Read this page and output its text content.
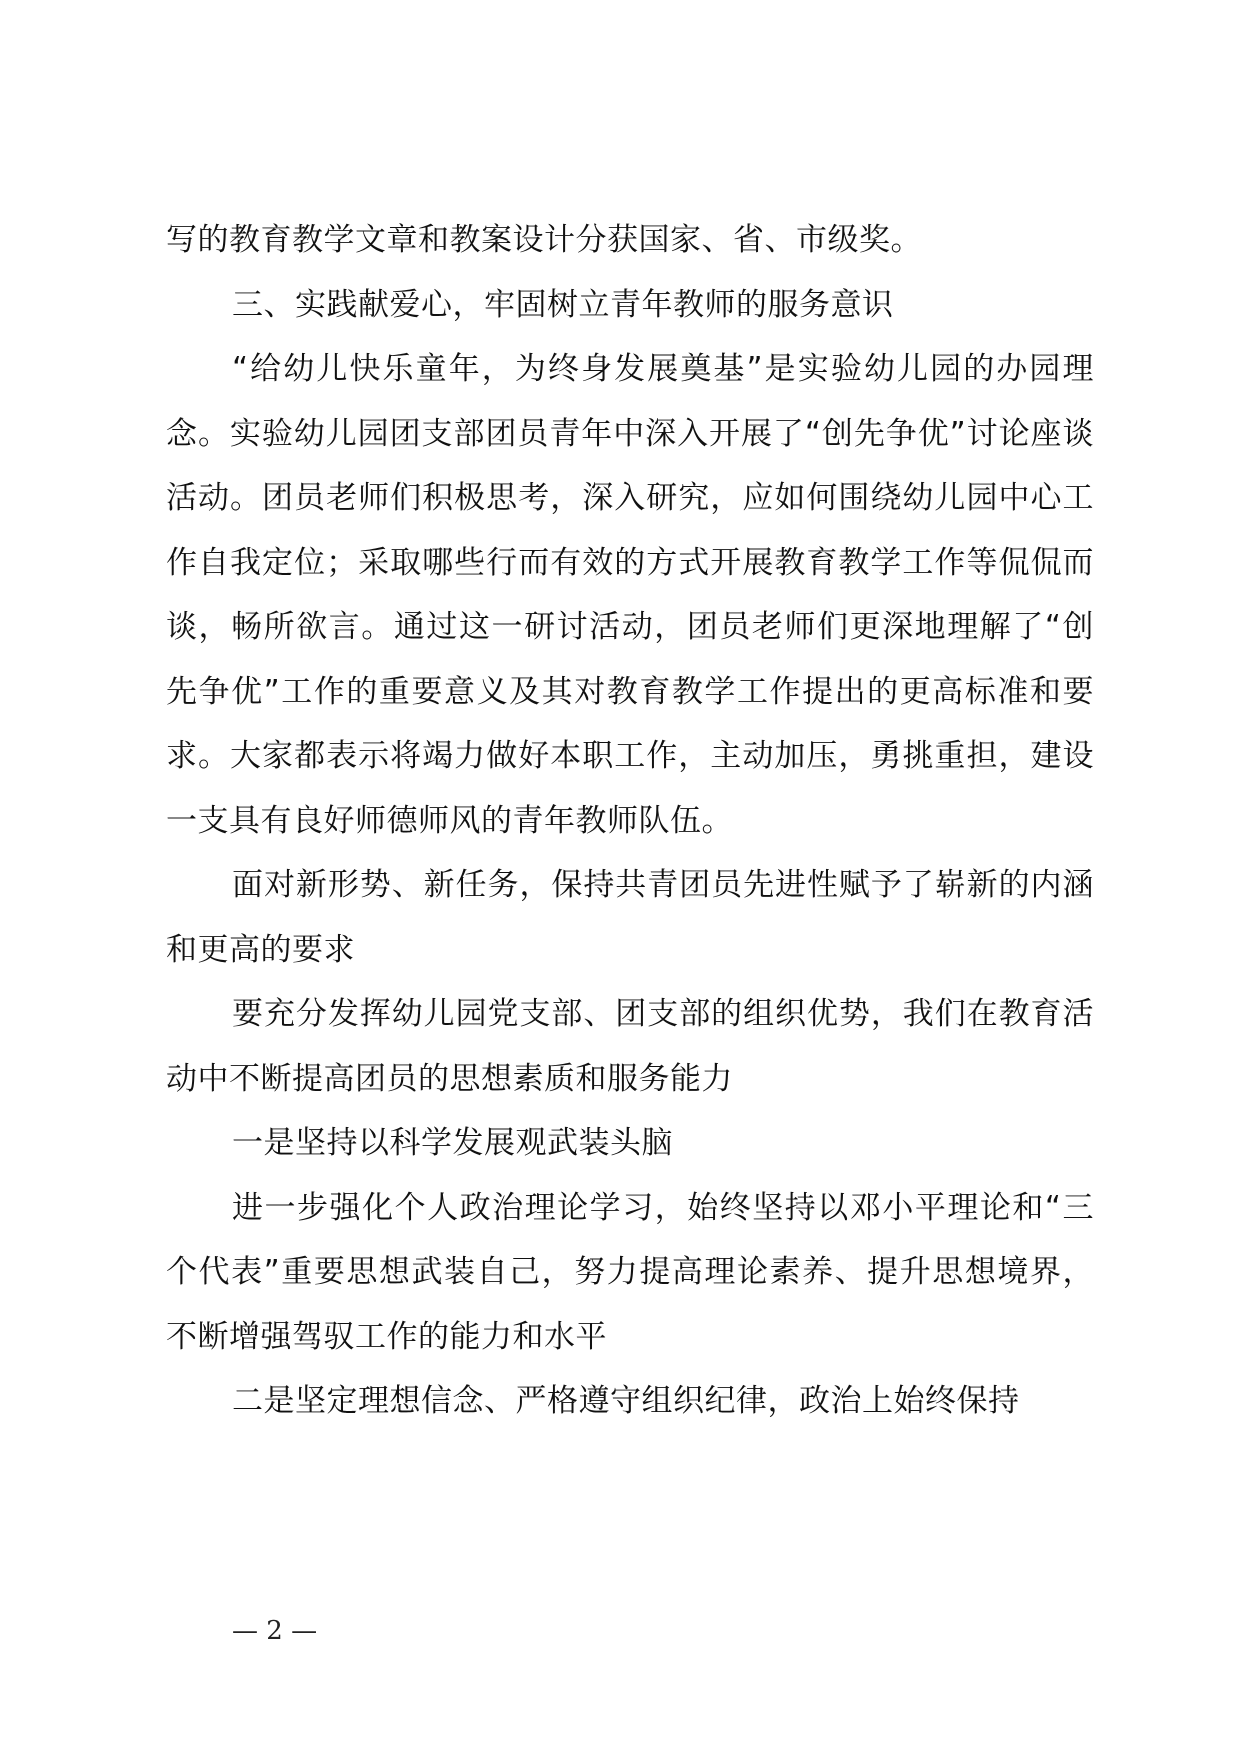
写的教育教学文章和教案设计分获国家、省、市级奖。

三、实践献爱心，牢固树立青年教师的服务意识

“给幼儿快乐童年，为终身发展奠基”是实验幼儿园的办园理念。实验幼儿园团支部团员青年中深入开展了“创先争优”讨论座谈活动。团员老师们积极思考，深入研究，应如何围绕幼儿园中心工作自我定位；采取哪些行而有效的方式开展教育教学工作等侃侃而谈，畅所欲言。通过这一研讨活动，团员老师们更深地理解了“创先争优”工作的重要意义及其对教育教学工作提出的更高标准和要求。大家都表示将竭力做好本职工作，主动加压，勇挑重担，建设一支具有良好师德师风的青年教师队伍。

面对新形势、新任务，保持共青团员先进性赋予了崭新的内涵和更高的要求

要充分发挥幼儿园党支部、团支部的组织优势，我们在教育活动中不断提高团员的思想素质和服务能力

一是坚持以科学发展观武装头脑

进一步强化个人政治理论学习，始终坚持以邓小平理论和“三个代表”重要思想武装自己，努力提高理论素养、提升思想境界，不断增强驾驭工作的能力和水平

二是坚定理想信念、严格遵守组织纪律，政治上始终保持

— 2 —
